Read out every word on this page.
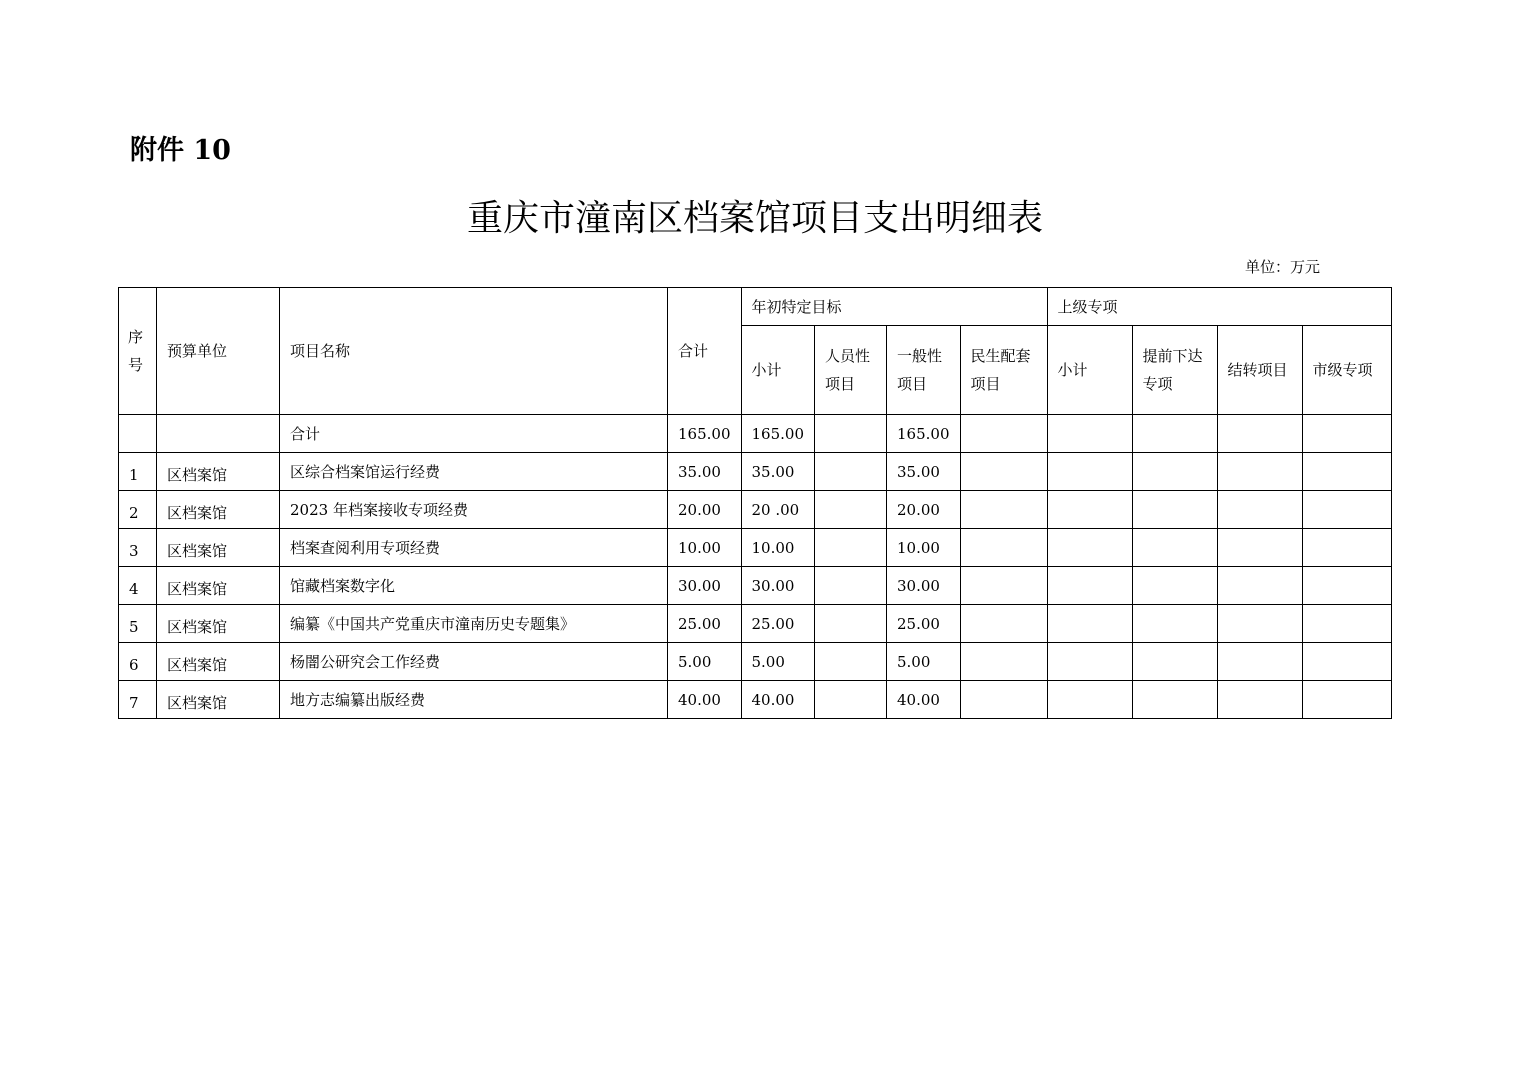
附件 10
重庆市潼南区档案馆项目支出明细表
单位：万元
序号	预算单位	项目名称	合计	年初特定目标				上级专项			
				小计	人员性项目	一般性项目	民生配套项目	小计	提前下达专项	结转项目	市级专项
		合计	165.00	165.00		165.00					
1	区档案馆	区综合档案馆运行经费	35.00	35.00		35.00					
2	区档案馆	2023 年档案接收专项经费	20.00	20 .00		20.00					
3	区档案馆	档案查阅利用专项经费	10.00	10.00		10.00					
4	区档案馆	馆藏档案数字化	30.00	30.00		30.00					
5	区档案馆	编纂《中国共产党重庆市潼南历史专题集》	25.00	25.00		25.00					
6	区档案馆	杨闇公研究会工作经费	5.00	5.00		5.00					
7	区档案馆	地方志编纂出版经费	40.00	40.00		40.00					
